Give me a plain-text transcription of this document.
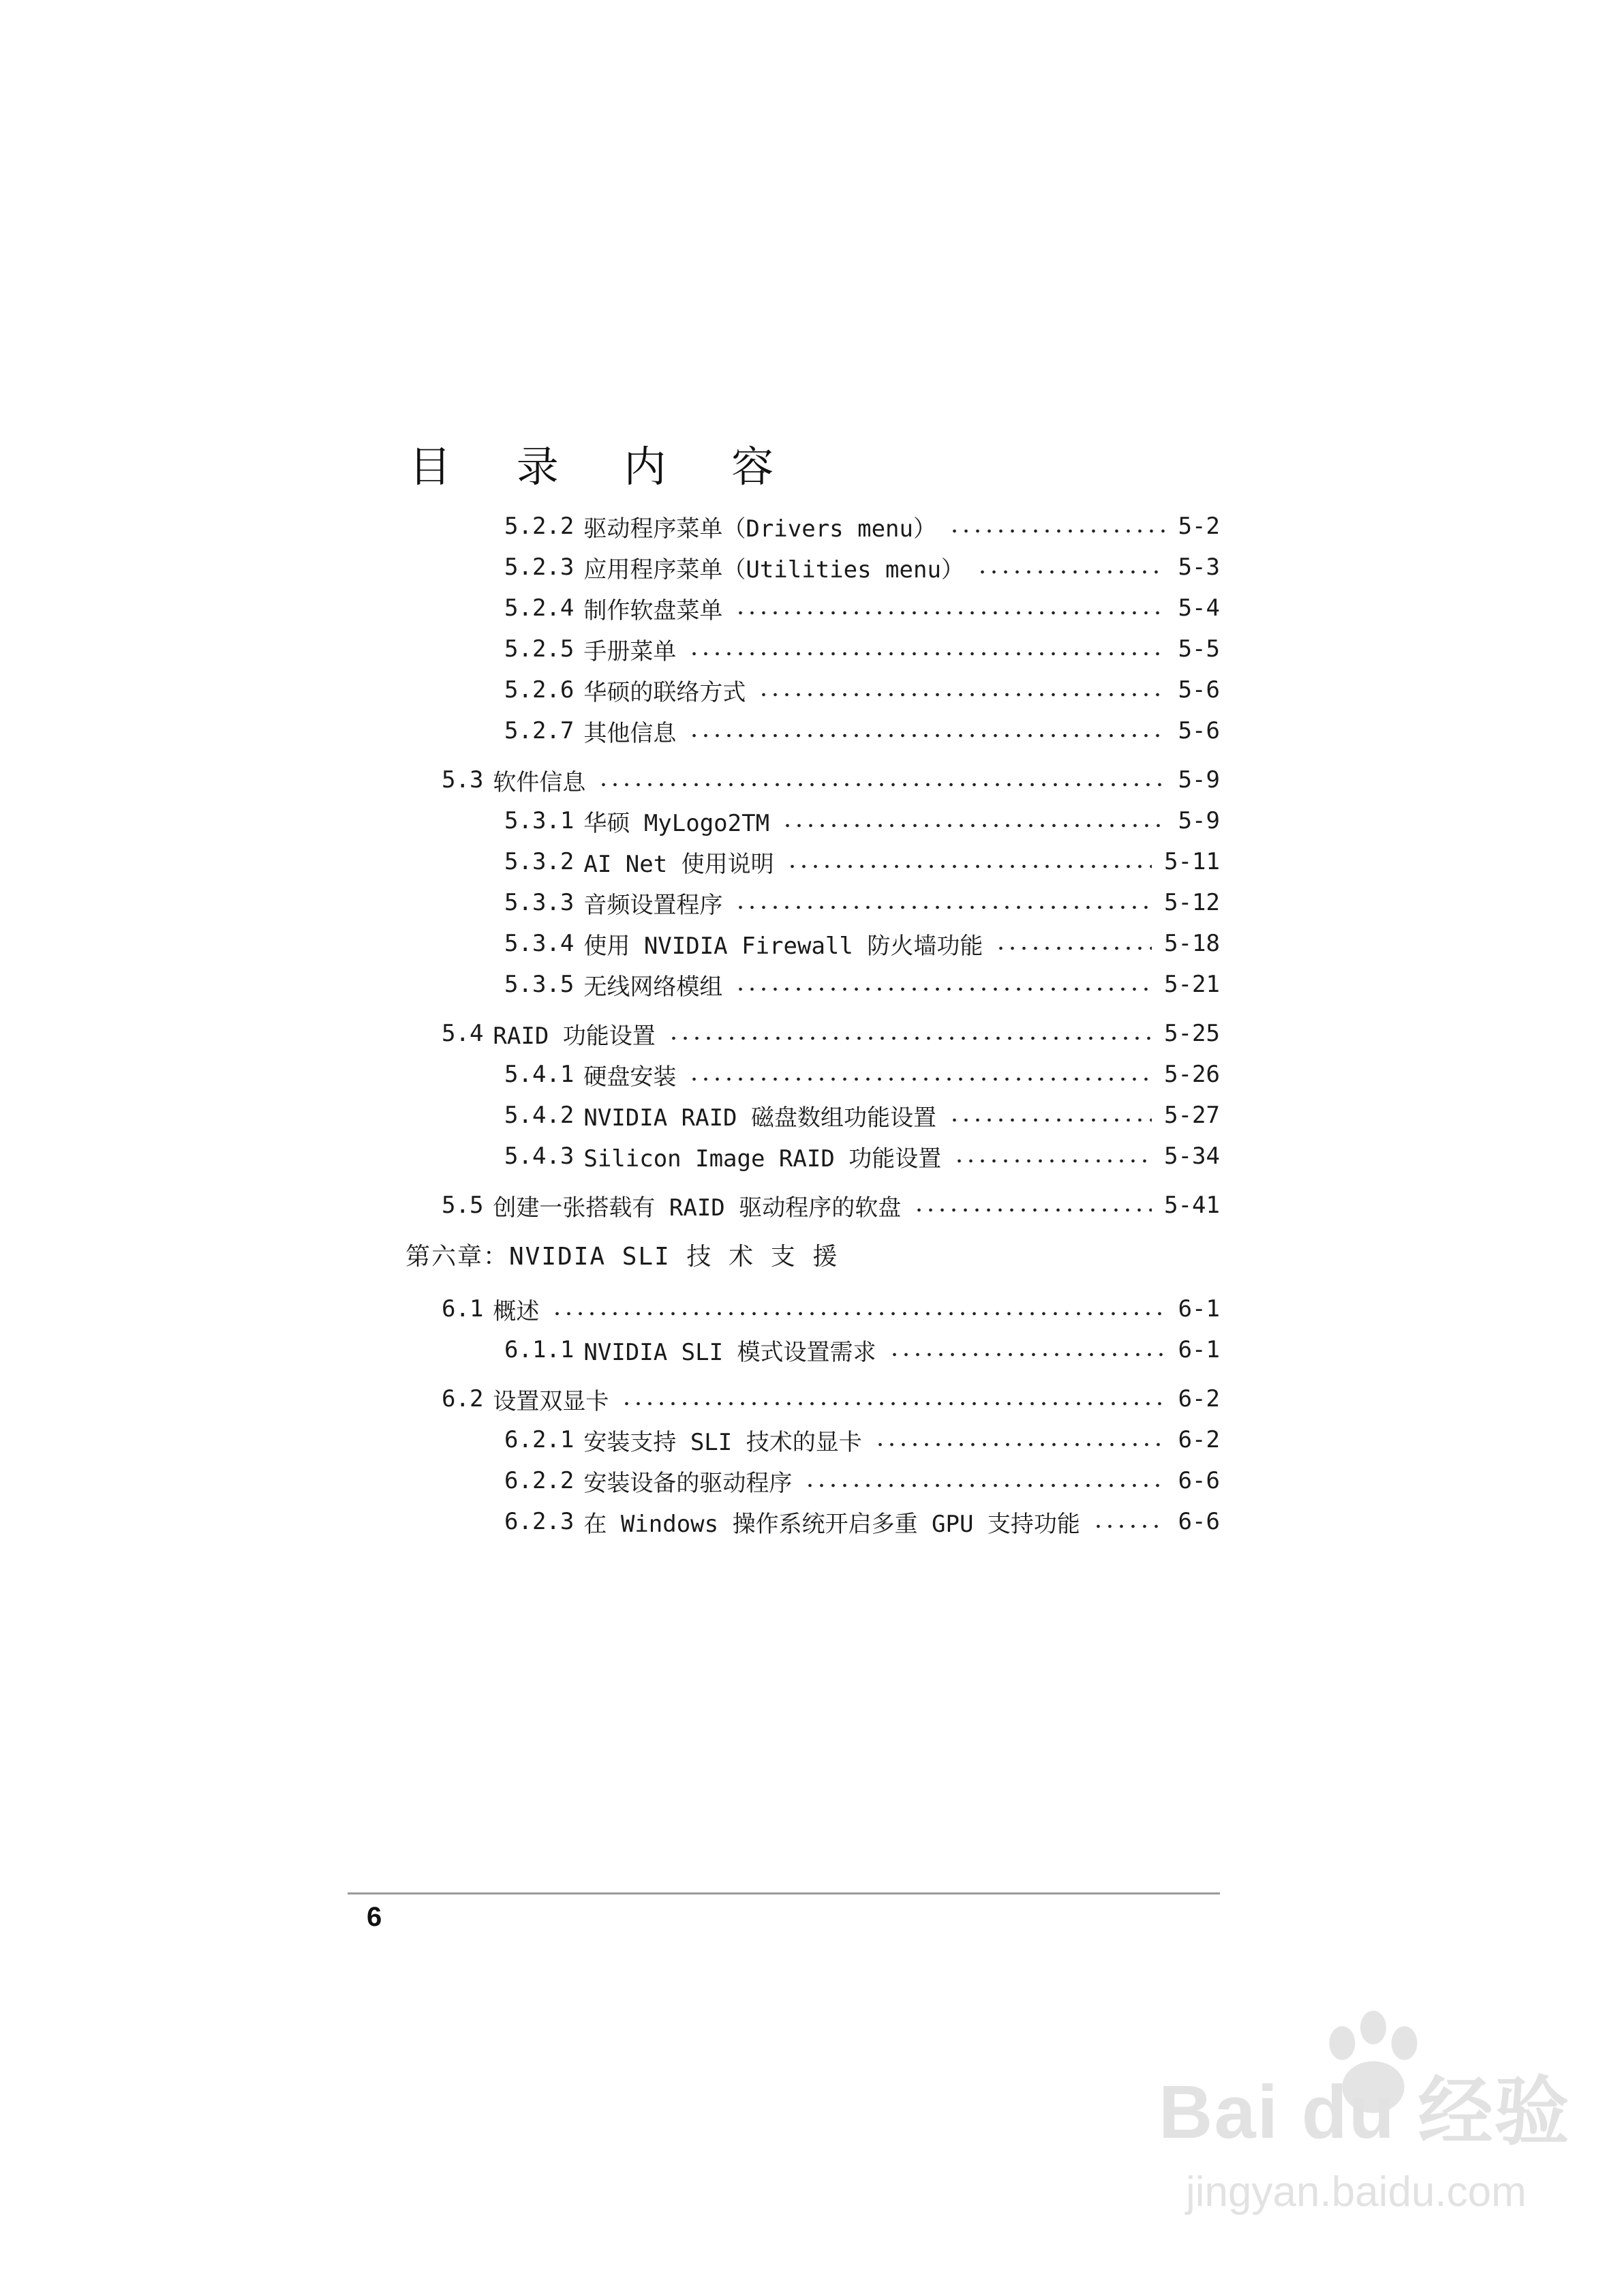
目 录 内 容
5.2.2 驱动程序菜单（Drivers menu）	5-2
5.2.3 应用程序菜单（Utilities menu）	5-3
5.2.4 制作软盘菜单	5-4
5.2.5 手册菜单	5-5
5.2.6 华硕的联络方式	5-6
5.2.7 其他信息	5-6
5.3 软件信息	5-9
5.3.1 华硕 MyLogo2TM	5-9
5.3.2 AI Net 使用说明	5-11
5.3.3 音频设置程序	5-12
5.3.4 使用 NVIDIA Firewall 防火墙功能	5-18
5.3.5 无线网络模组	5-21
5.4 RAID 功能设置	5-25
5.4.1 硬盘安装	5-26
5.4.2 NVIDIA RAID 磁盘数组功能设置	5-27
5.4.3 Silicon Image RAID 功能设置	5-34
5.5 创建一张搭载有 RAID 驱动程序的软盘	5-41
第六章：NVIDIA SLI 技 术 支 援
6.1 概述	6-1
6.1.1 NVIDIA SLI 模式设置需求	6-1
6.2 设置双显卡	6-2
6.2.1 安装支持 SLI 技术的显卡	6-2
6.2.2 安装设备的驱动程序	6-6
6.2.3 在 Windows 操作系统开启多重 GPU 支持功能	6-6
6
Bai du 经验
jingyan.baidu.com
